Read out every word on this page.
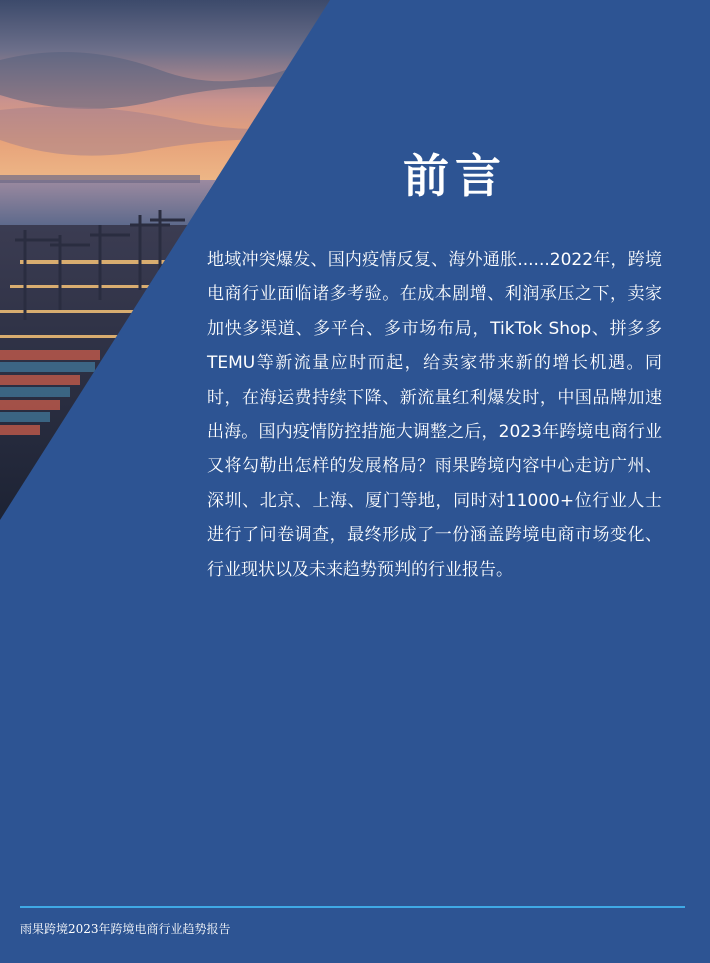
前言

地域冲突爆发、国内疫情反复、海外通胀......2022年，跨境电商行业面临诸多考验。在成本剧增、利润承压之下，卖家加快多渠道、多平台、多市场布局，TikTok Shop、拼多多TEMU等新流量应时而起，给卖家带来新的增长机遇。同时，在海运费持续下降、新流量红利爆发时，中国品牌加速出海。国内疫情防控措施大调整之后，2023年跨境电商行业又将勾勒出怎样的发展格局？雨果跨境内容中心走访广州、深圳、北京、上海、厦门等地，同时对11000+位行业人士进行了问卷调查，最终形成了一份涵盖跨境电商市场变化、行业现状以及未来趋势预判的行业报告。

雨果跨境2023年跨境电商行业趋势报告
